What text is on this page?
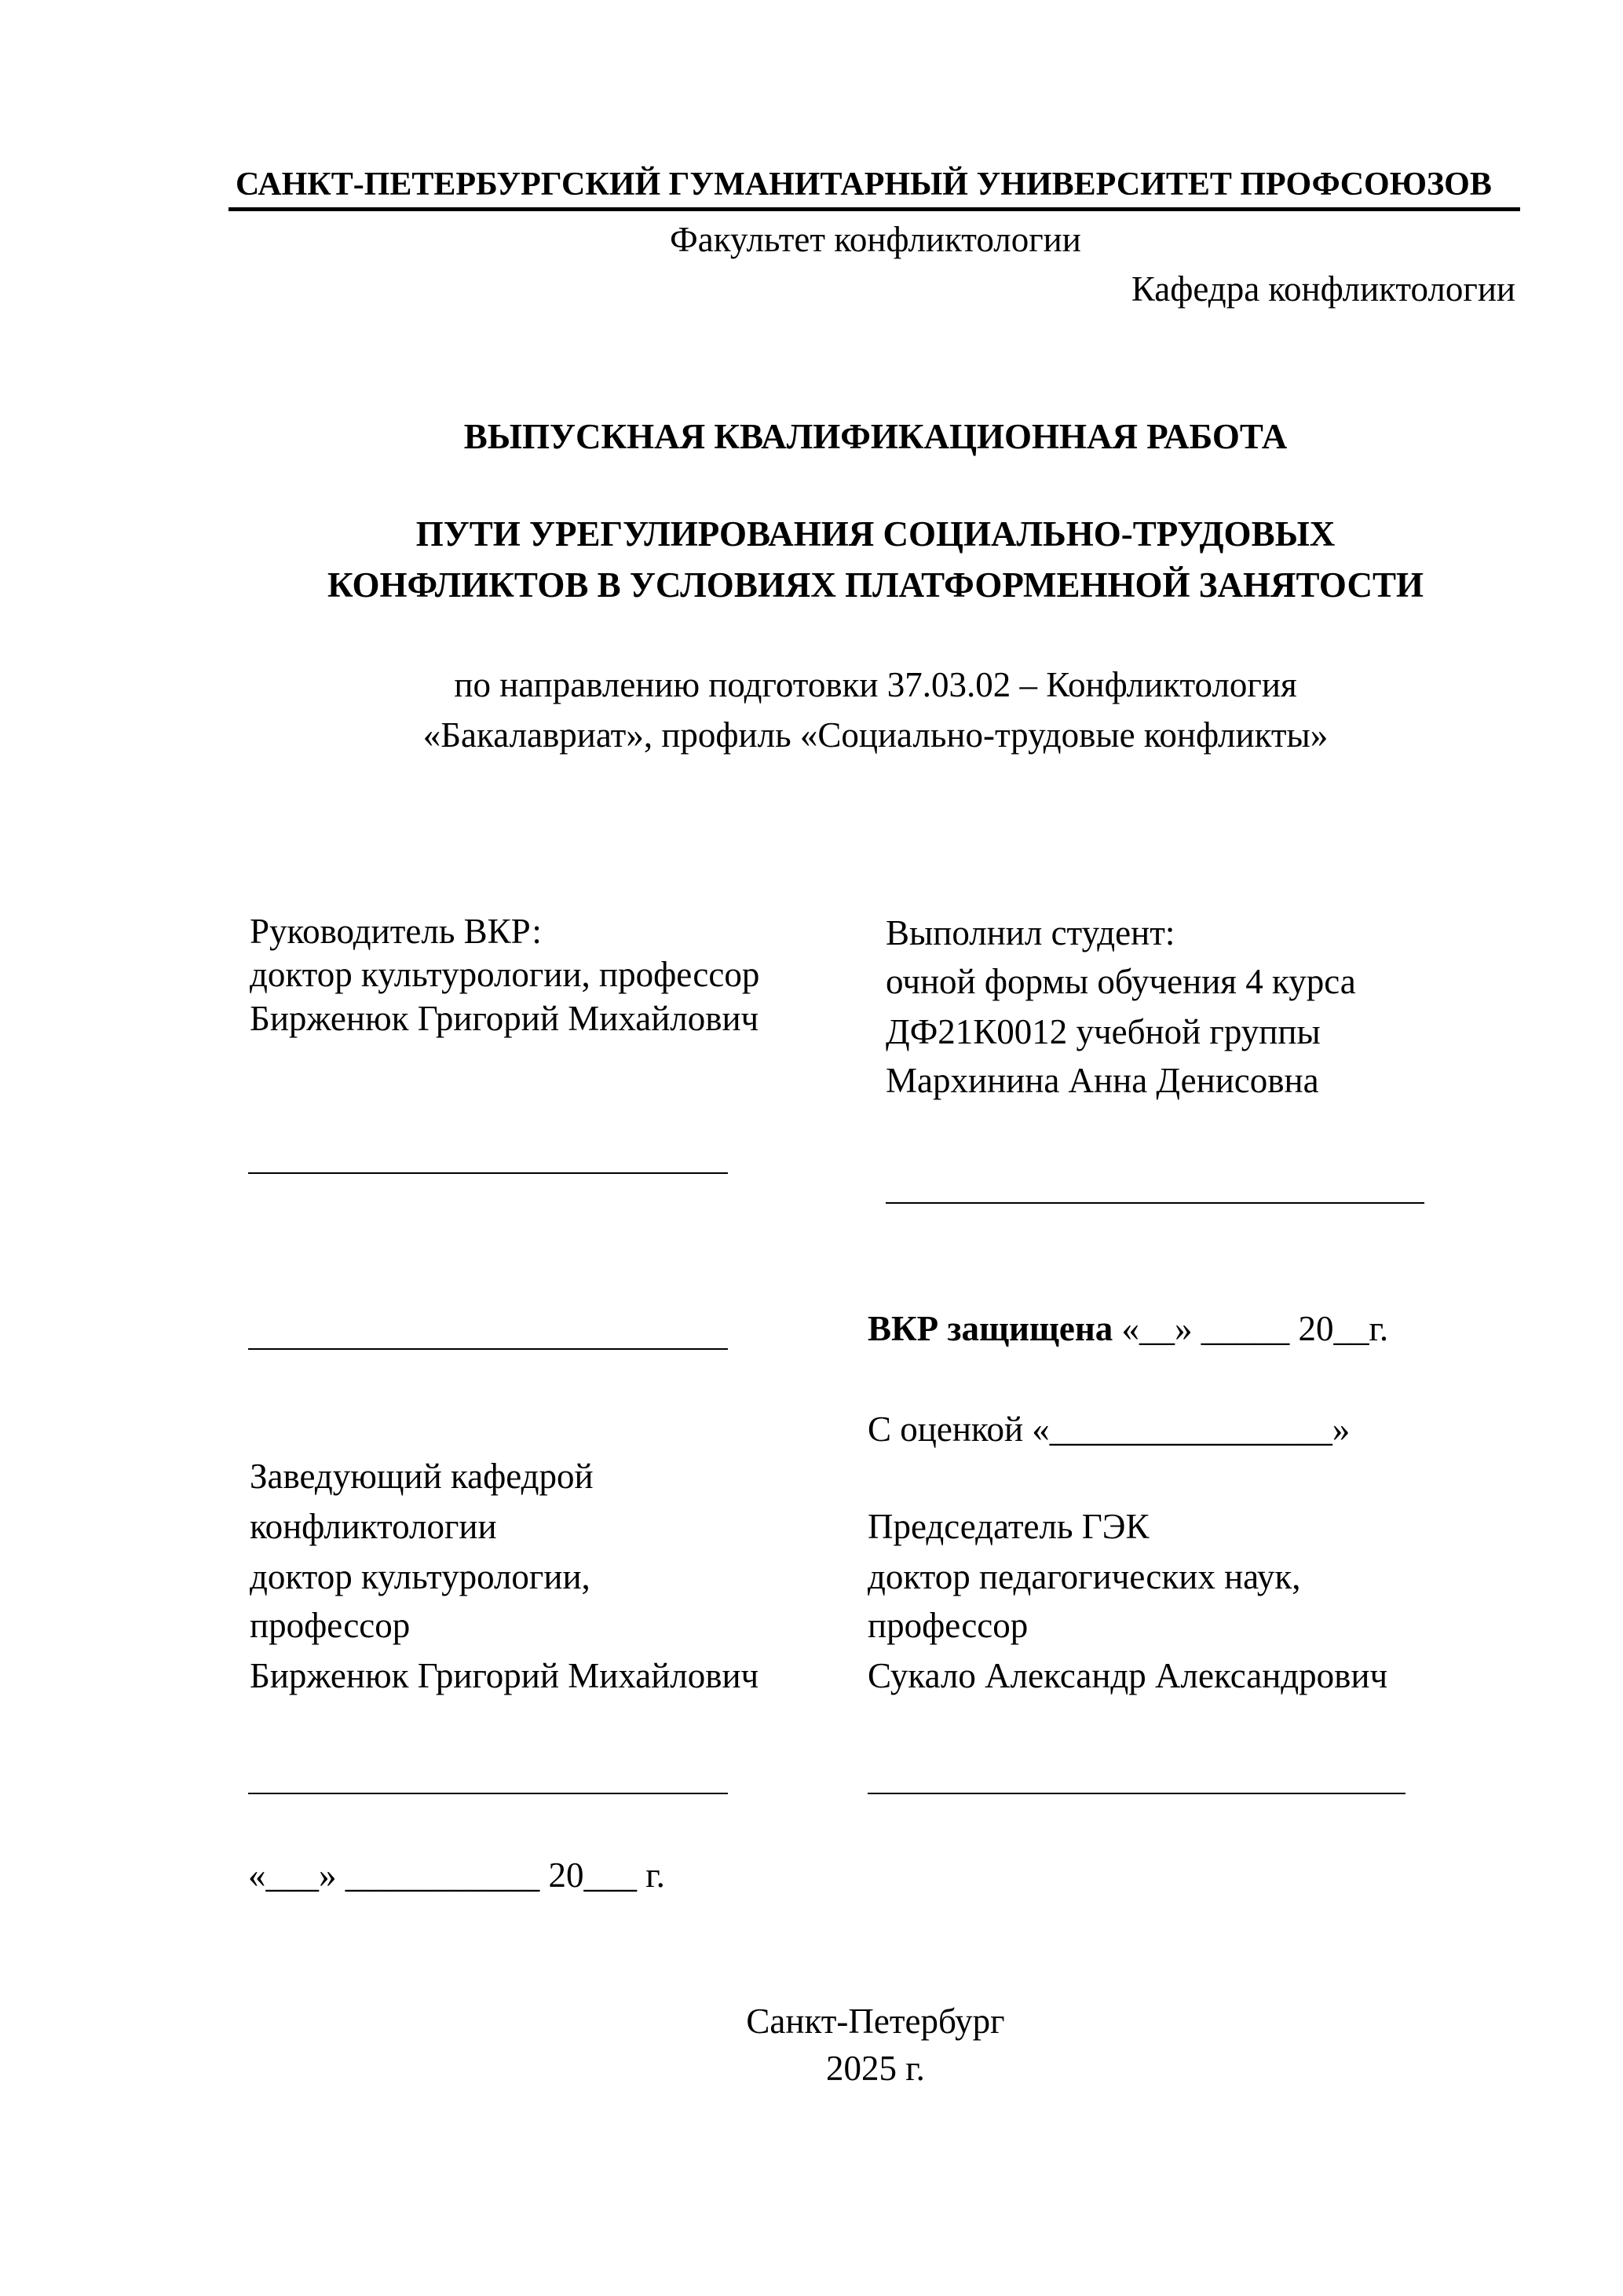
САНКТ-ПЕТЕРБУРГСКИЙ ГУМАНИТАРНЫЙ УНИВЕРСИТЕТ ПРОФСОЮЗОВ
Факультет конфликтологии
Кафедра конфликтологии
ВЫПУСКНАЯ КВАЛИФИКАЦИОННАЯ РАБОТА
ПУТИ УРЕГУЛИРОВАНИЯ СОЦИАЛЬНО-ТРУДОВЫХ
КОНФЛИКТОВ В УСЛОВИЯХ ПЛАТФОРМЕННОЙ ЗАНЯТОСТИ
по направлению подготовки 37.03.02 – Конфликтология
«Бакалавриат», профиль «Социально-трудовые конфликты»
Руководитель ВКР:
доктор культурологии, профессор
Бирженюк Григорий Михайлович
Выполнил студент:
очной формы обучения 4 курса
ДФ21К0012 учебной группы
Мархинина Анна Денисовна
ВКР защищена «__» _____ 20__г.
С оценкой «________________»
Заведующий кафедрой
конфликтологии
доктор культурологии,
профессор
Бирженюк Григорий Михайлович
Председатель ГЭК
доктор педагогических наук,
профессор
Сукало Александр Александрович
«___» ___________ 20___ г.
Санкт-Петербург
2025 г.
